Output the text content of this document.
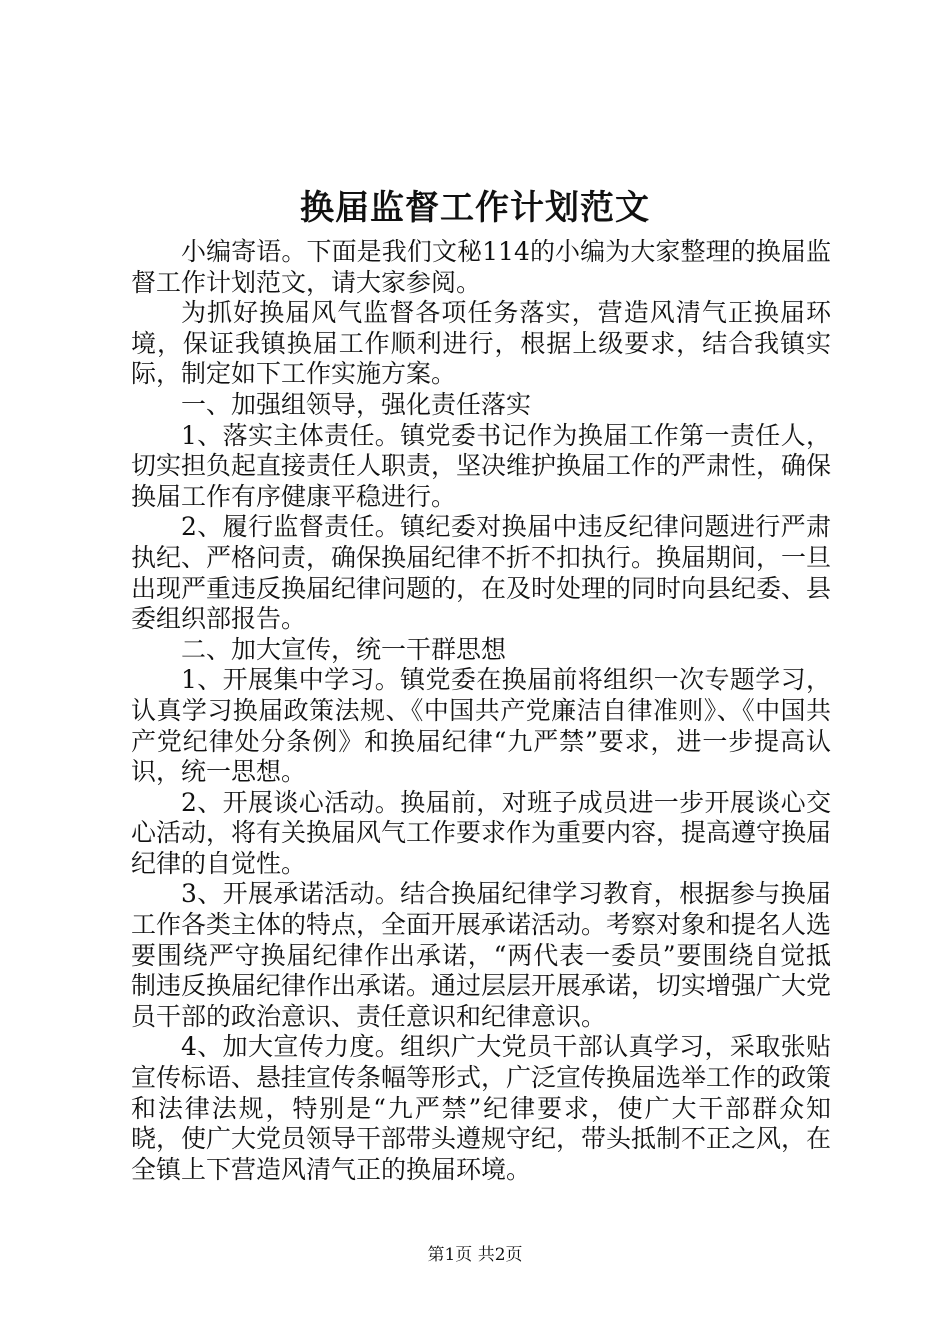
换届监督工作计划范文

小编寄语。下面是我们文秘114的小编为大家整理的换届监督工作计划范文，请大家参阅。

为抓好换届风气监督各项任务落实，营造风清气正换届环境，保证我镇换届工作顺利进行，根据上级要求，结合我镇实际，制定如下工作实施方案。

一、加强组领导，强化责任落实

1、落实主体责任。镇党委书记作为换届工作第一责任人，切实担负起直接责任人职责，坚决维护换届工作的严肃性，确保换届工作有序健康平稳进行。

2、履行监督责任。镇纪委对换届中违反纪律问题进行严肃执纪、严格问责，确保换届纪律不折不扣执行。换届期间，一旦出现严重违反换届纪律问题的，在及时处理的同时向县纪委、县委组织部报告。

二、加大宣传，统一干群思想

1、开展集中学习。镇党委在换届前将组织一次专题学习，认真学习换届政策法规、《中国共产党廉洁自律准则》、《中国共产党纪律处分条例》和换届纪律“九严禁”要求，进一步提高认识，统一思想。

2、开展谈心活动。换届前，对班子成员进一步开展谈心交心活动，将有关换届风气工作要求作为重要内容，提高遵守换届纪律的自觉性。

3、开展承诺活动。结合换届纪律学习教育，根据参与换届工作各类主体的特点，全面开展承诺活动。考察对象和提名人选要围绕严守换届纪律作出承诺，“两代表一委员”要围绕自觉抵制违反换届纪律作出承诺。通过层层开展承诺，切实增强广大党员干部的政治意识、责任意识和纪律意识。

4、加大宣传力度。组织广大党员干部认真学习，采取张贴宣传标语、悬挂宣传条幅等形式，广泛宣传换届选举工作的政策和法律法规，特别是“九严禁”纪律要求，使广大干部群众知晓，使广大党员领导干部带头遵规守纪，带头抵制不正之风，在全镇上下营造风清气正的换届环境。

第1页 共2页
